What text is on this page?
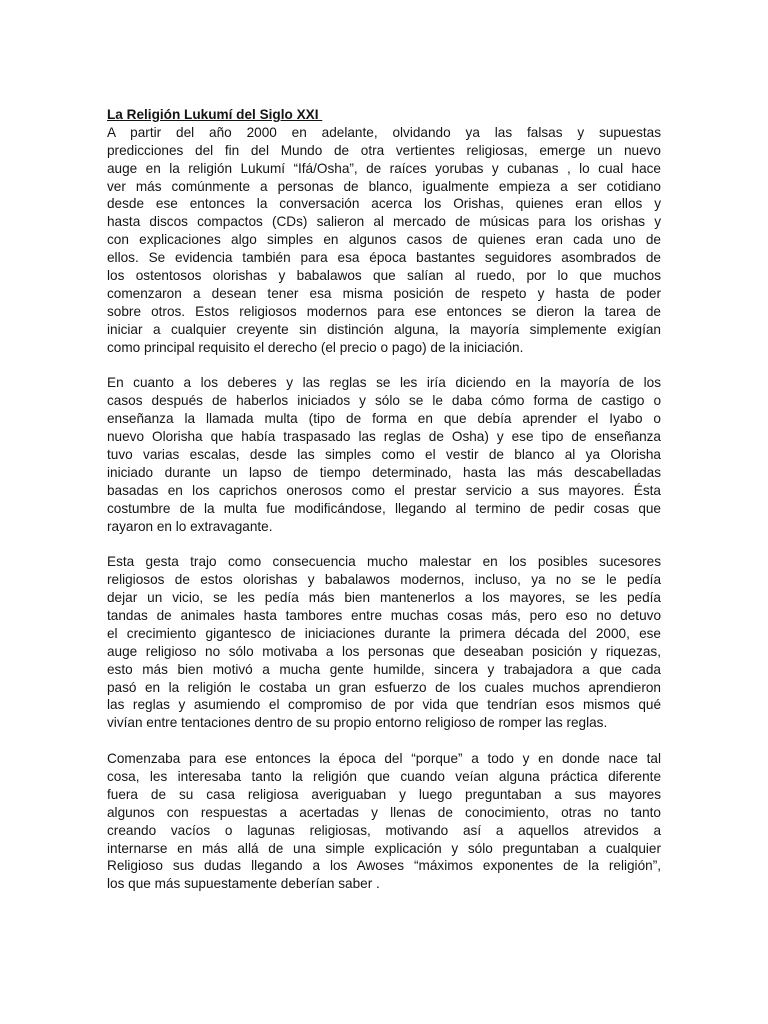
La Religión Lukumí del Siglo XXI
A partir del año 2000 en adelante, olvidando ya las falsas y supuestas
predicciones del fin del Mundo de otra vertientes religiosas, emerge un nuevo
auge en la religión Lukumí “Ifá/Osha”, de raíces yorubas y cubanas , lo cual hace
ver más comúnmente a personas de blanco, igualmente empieza a ser cotidiano
desde ese entonces la conversación acerca los Orishas, quienes eran ellos y
hasta discos compactos (CDs) salieron al mercado de músicas para los orishas y
con explicaciones algo simples en algunos casos de quienes eran cada uno de
ellos. Se evidencia también para esa época bastantes seguidores asombrados de
los ostentosos olorishas y babalawos que salían al ruedo, por lo que muchos
comenzaron a desean tener esa misma posición de respeto y hasta de poder
sobre otros. Estos religiosos modernos para ese entonces se dieron la tarea de
iniciar a cualquier creyente sin distinción alguna, la mayoría simplemente exigían
como principal requisito el derecho (el precio o pago) de la iniciación.
En cuanto a los deberes y las reglas se les iría diciendo en la mayoría de los
casos después de haberlos iniciados y sólo se le daba cómo forma de castigo o
enseñanza la llamada multa (tipo de forma en que debía aprender el Iyabo o
nuevo Olorisha que había traspasado las reglas de Osha) y ese tipo de enseñanza
tuvo varias escalas, desde las simples como el vestir de blanco al ya Olorisha
iniciado durante un lapso de tiempo determinado, hasta las más descabelladas
basadas en los caprichos onerosos como el prestar servicio a sus mayores. Ésta
costumbre de la multa fue modificándose, llegando al termino de pedir cosas que
rayaron en lo extravagante.
Esta gesta trajo como consecuencia mucho malestar en los posibles sucesores
religiosos de estos olorishas y babalawos modernos, incluso, ya no se le pedía
dejar un vicio, se les pedía más bien mantenerlos a los mayores, se les pedía
tandas de animales hasta tambores entre muchas cosas más, pero eso no detuvo
el crecimiento gigantesco de iniciaciones durante la primera década del 2000, ese
auge religioso no sólo motivaba a los personas que deseaban posición y riquezas,
esto más bien motivó a mucha gente humilde, sincera y trabajadora a que cada
pasó en la religión le costaba un gran esfuerzo de los cuales muchos aprendieron
las reglas y asumiendo el compromiso de por vida que tendrían esos mismos qué
vivían entre tentaciones dentro de su propio entorno religioso de romper las reglas.
Comenzaba para ese entonces la época del “porque” a todo y en donde nace tal
cosa, les interesaba tanto la religión que cuando veían alguna práctica diferente
fuera de su casa religiosa averiguaban y luego preguntaban a sus mayores
algunos con respuestas a acertadas y llenas de conocimiento, otras no tanto
creando vacíos o lagunas religiosas, motivando así a aquellos atrevidos a
internarse en más allá de una simple explicación y sólo preguntaban a cualquier
Religioso sus dudas llegando a los Awoses “máximos exponentes de la religión”,
los que más supuestamente deberían saber .
